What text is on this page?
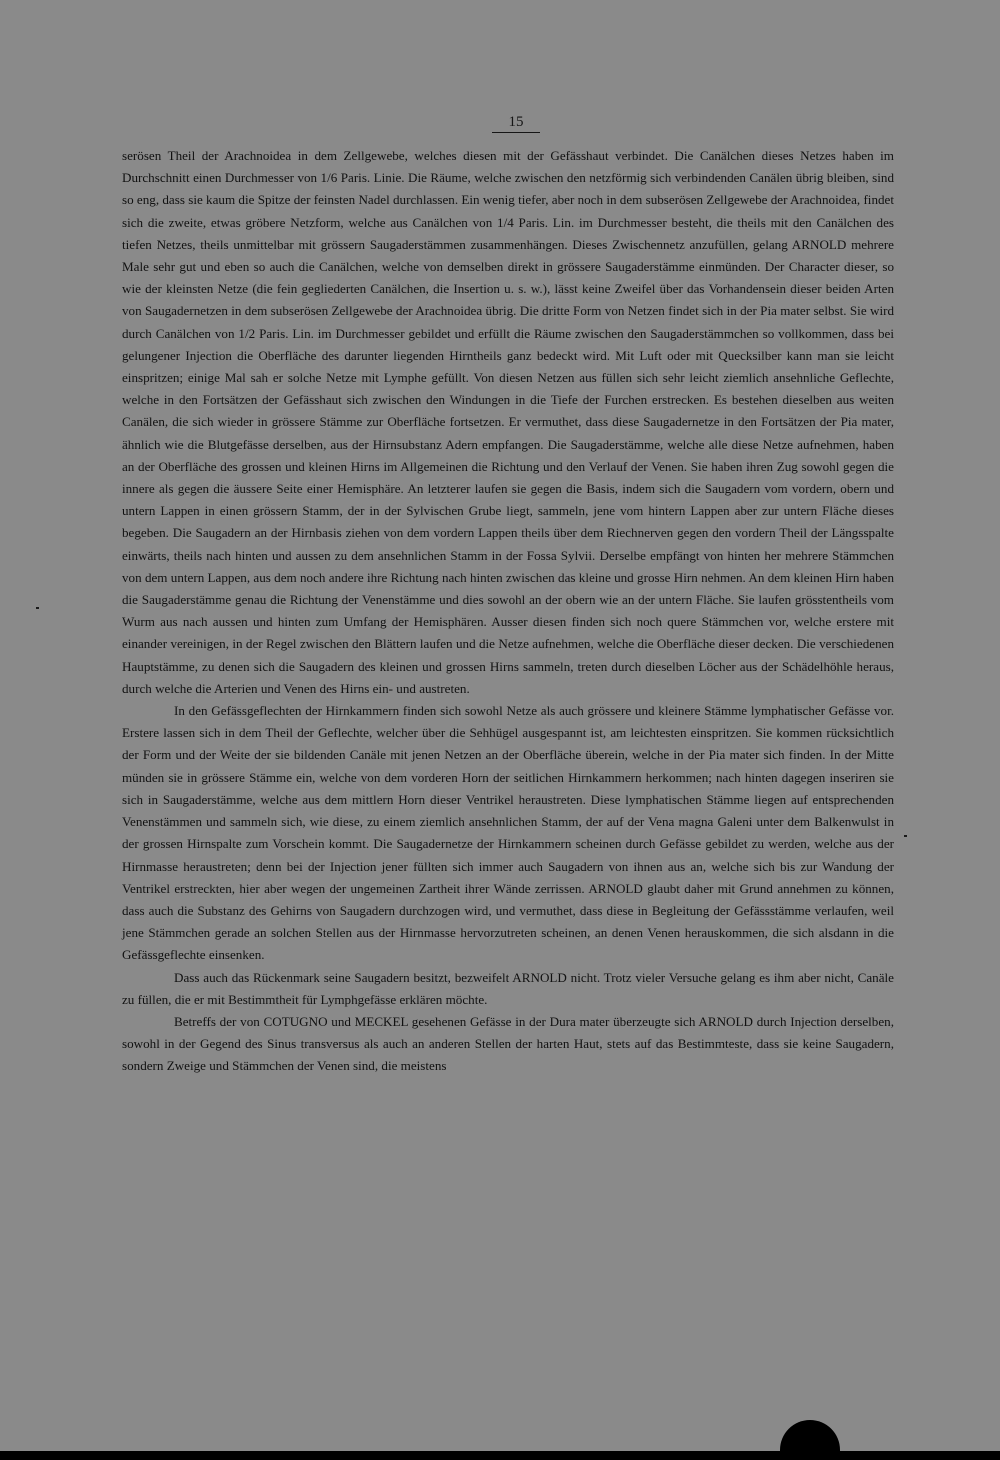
15

serösen Theil der Arachnoidea in dem Zellgewebe, welches diesen mit der Gefässhaut verbindet. Die Canälchen dieses Netzes haben im Durchschnitt einen Durchmesser von 1/6 Paris. Linie. Die Räume, welche zwischen den netzförmig sich verbindenden Canälen übrig bleiben, sind so eng, dass sie kaum die Spitze der feinsten Nadel durchlassen. Ein wenig tiefer, aber noch in dem subserösen Zellgewebe der Arachnoidea, findet sich die zweite, etwas gröbere Netzform, welche aus Canälchen von 1/4 Paris. Lin. im Durchmesser besteht, die theils mit den Canälchen des tiefen Netzes, theils unmittelbar mit grössern Saugaderstämmen zusammenhängen. Dieses Zwischennetz anzufüllen, gelang ARNOLD mehrere Male sehr gut und eben so auch die Canälchen, welche von demselben direkt in grössere Saugaderstämme einmünden. Der Character dieser, so wie der kleinsten Netze (die fein gegliederten Canälchen, die Insertion u. s. w.), lässt keine Zweifel über das Vorhandensein dieser beiden Arten von Saugadernetzen in dem subserösen Zellgewebe der Arachnoidea übrig. Die dritte Form von Netzen findet sich in der Pia mater selbst. Sie wird durch Canälchen von 1/2 Paris. Lin. im Durchmesser gebildet und erfüllt die Räume zwischen den Saugaderstämmchen so vollkommen, dass bei gelungener Injection die Oberfläche des darunter liegenden Hirntheils ganz bedeckt wird. Mit Luft oder mit Quecksilber kann man sie leicht einspritzen; einige Mal sah er solche Netze mit Lymphe gefüllt. Von diesen Netzen aus füllen sich sehr leicht ziemlich ansehnliche Geflechte, welche in den Fortsätzen der Gefässhaut sich zwischen den Windungen in die Tiefe der Furchen erstrecken. Es bestehen dieselben aus weiten Canälen, die sich wieder in grössere Stämme zur Oberfläche fortsetzen. Er vermuthet, dass diese Saugadernetze in den Fortsätzen der Pia mater, ähnlich wie die Blutgefässe derselben, aus der Hirnsubstanz Adern empfangen. Die Saugaderstämme, welche alle diese Netze aufnehmen, haben an der Oberfläche des grossen und kleinen Hirns im Allgemeinen die Richtung und den Verlauf der Venen. Sie haben ihren Zug sowohl gegen die innere als gegen die äussere Seite einer Hemisphäre. An letzterer laufen sie gegen die Basis, indem sich die Saugadern vom vordern, obern und untern Lappen in einen grössern Stamm, der in der Sylvischen Grube liegt, sammeln, jene vom hintern Lappen aber zur untern Fläche dieses begeben. Die Saugadern an der Hirnbasis ziehen von dem vordern Lappen theils über dem Riechnerven gegen den vordern Theil der Längsspalte einwärts, theils nach hinten und aussen zu dem ansehnlichen Stamm in der Fossa Sylvii. Derselbe empfängt von hinten her mehrere Stämmchen von dem untern Lappen, aus dem noch andere ihre Richtung nach hinten zwischen das kleine und grosse Hirn nehmen. An dem kleinen Hirn haben die Saugaderstämme genau die Richtung der Venenstämme und dies sowohl an der obern wie an der untern Fläche. Sie laufen grösstentheils vom Wurm aus nach aussen und hinten zum Umfang der Hemisphären. Ausser diesen finden sich noch quere Stämmchen vor, welche erstere mit einander vereinigen, in der Regel zwischen den Blättern laufen und die Netze aufnehmen, welche die Oberfläche dieser decken. Die verschiedenen Hauptstämme, zu denen sich die Saugadern des kleinen und grossen Hirns sammeln, treten durch dieselben Löcher aus der Schädelhöhle heraus, durch welche die Arterien und Venen des Hirns ein- und austreten.

In den Gefässgeflechten der Hirnkammern finden sich sowohl Netze als auch grössere und kleinere Stämme lymphatischer Gefässe vor. Erstere lassen sich in dem Theil der Geflechte, welcher über die Sehhügel ausgespannt ist, am leichtesten einspritzen. Sie kommen rücksichtlich der Form und der Weite der sie bildenden Canäle mit jenen Netzen an der Oberfläche überein, welche in der Pia mater sich finden. In der Mitte münden sie in grössere Stämme ein, welche von dem vorderen Horn der seitlichen Hirnkammern herkommen; nach hinten dagegen inseriren sie sich in Saugaderstämme, welche aus dem mittlern Horn dieser Ventrikel heraustreten. Diese lymphatischen Stämme liegen auf entsprechenden Venenstämmen und sammeln sich, wie diese, zu einem ziemlich ansehnlichen Stamm, der auf der Vena magna Galeni unter dem Balkenwulst in der grossen Hirnspalte zum Vorschein kommt. Die Saugadernetze der Hirnkammern scheinen durch Gefässe gebildet zu werden, welche aus der Hirnmasse heraustreten; denn bei der Injection jener füllten sich immer auch Saugadern von ihnen aus an, welche sich bis zur Wandung der Ventrikel erstreckten, hier aber wegen der ungemeinen Zartheit ihrer Wände zerrissen. ARNOLD glaubt daher mit Grund annehmen zu können, dass auch die Substanz des Gehirns von Saugadern durchzogen wird, und vermuthet, dass diese in Begleitung der Gefässstämme verlaufen, weil jene Stämmchen gerade an solchen Stellen aus der Hirnmasse hervorzutreten scheinen, an denen Venen herauskommen, die sich alsdann in die Gefässgeflechte einsenken.

Dass auch das Rückenmark seine Saugadern besitzt, bezweifelt ARNOLD nicht. Trotz vieler Versuche gelang es ihm aber nicht, Canäle zu füllen, die er mit Bestimmtheit für Lymphgefässe erklären möchte.

Betreffs der von COTUGNO und MECKEL gesehenen Gefässe in der Dura mater überzeugte sich ARNOLD durch Injection derselben, sowohl in der Gegend des Sinus transversus als auch an anderen Stellen der harten Haut, stets auf das Bestimmteste, dass sie keine Saugadern, sondern Zweige und Stämmchen der Venen sind, die meistens
